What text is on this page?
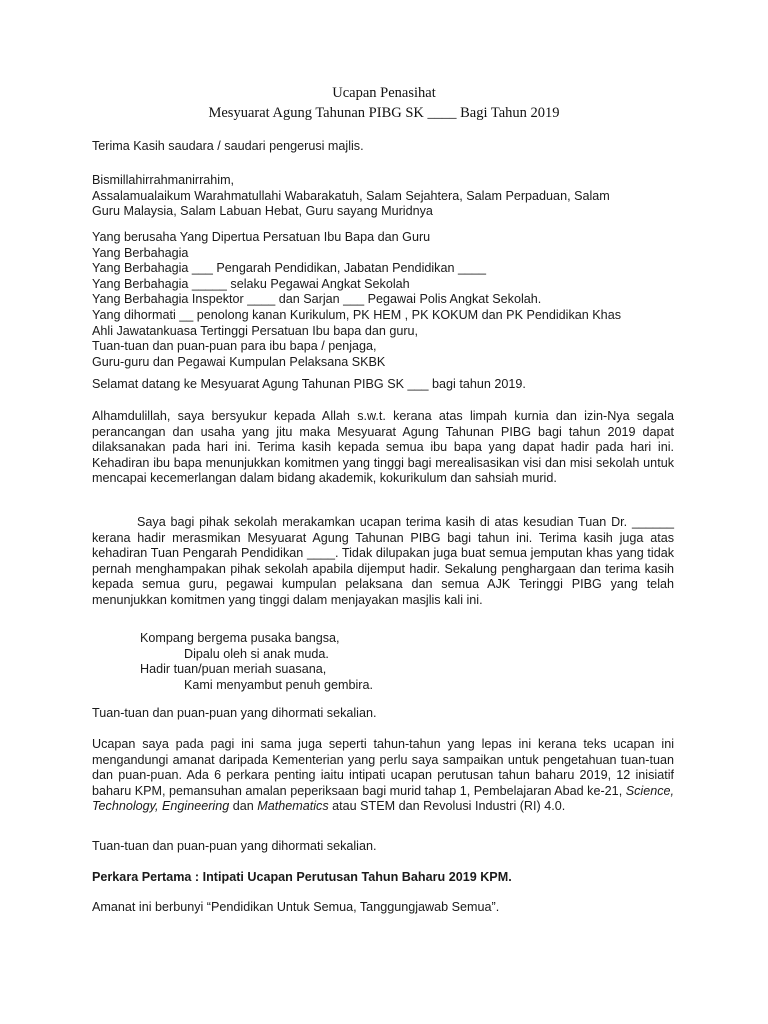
Ucapan Penasihat
Mesyuarat Agung Tahunan PIBG SK ____ Bagi Tahun 2019
Terima Kasih saudara / saudari pengerusi majlis.
Bismillahirrahmanirrahim,
Assalamualaikum Warahmatullahi Wabarakatuh, Salam Sejahtera, Salam Perpaduan, Salam
Guru Malaysia, Salam Labuan Hebat, Guru sayang Muridnya
Yang berusaha Yang Dipertua Persatuan Ibu Bapa dan Guru
Yang Berbahagia
Yang Berbahagia ___ Pengarah Pendidikan, Jabatan Pendidikan ____
Yang Berbahagia _____ selaku Pegawai Angkat Sekolah
Yang Berbahagia Inspektor ____ dan Sarjan ___ Pegawai Polis Angkat Sekolah.
Yang dihormati __ penolong kanan Kurikulum, PK HEM , PK KOKUM dan PK Pendidikan Khas
Ahli Jawatankuasa Tertinggi Persatuan Ibu bapa dan guru,
Tuan-tuan dan puan-puan para ibu bapa / penjaga,
Guru-guru dan Pegawai Kumpulan Pelaksana SKBK
Selamat datang ke Mesyuarat Agung Tahunan PIBG SK ___ bagi tahun 2019.
Alhamdulillah, saya bersyukur kepada Allah s.w.t. kerana atas limpah kurnia dan izin-Nya segala perancangan dan usaha yang jitu maka Mesyuarat Agung Tahunan PIBG bagi tahun 2019 dapat dilaksanakan pada hari ini. Terima kasih kepada semua ibu bapa yang dapat hadir pada hari ini. Kehadiran ibu bapa menunjukkan komitmen yang tinggi bagi merealisasikan visi dan misi sekolah untuk mencapai kecemerlangan dalam bidang akademik, kokurikulum dan sahsiah murid.
Saya bagi pihak sekolah merakamkan ucapan terima kasih di atas kesudian Tuan Dr. ______ kerana hadir merasmikan Mesyuarat Agung Tahunan PIBG bagi tahun ini. Terima kasih juga atas kehadiran Tuan Pengarah Pendidikan ____. Tidak dilupakan juga buat semua jemputan khas yang tidak pernah menghampakan pihak sekolah apabila dijemput hadir. Sekalung penghargaan dan terima kasih kepada semua guru, pegawai kumpulan pelaksana dan semua AJK Teringgi PIBG yang telah menunjukkan komitmen yang tinggi dalam menjayakan masjlis kali ini.
Kompang bergema pusaka bangsa,
Dipalu oleh si anak muda.
Hadir tuan/puan meriah suasana,
Kami menyambut penuh gembira.
Tuan-tuan dan puan-puan yang dihormati sekalian.
Ucapan saya pada pagi ini sama juga seperti tahun-tahun yang lepas ini kerana teks ucapan ini mengandungi amanat daripada Kementerian yang perlu saya sampaikan untuk pengetahuan tuan-tuan dan puan-puan. Ada 6 perkara penting iaitu intipati ucapan perutusan tahun baharu 2019, 12 inisiatif baharu KPM, pemansuhan amalan peperiksaan bagi murid tahap 1, Pembelajaran Abad ke-21, Science, Technology, Engineering dan Mathematics atau STEM dan Revolusi Industri (RI) 4.0.
Tuan-tuan dan puan-puan yang dihormati sekalian.
Perkara Pertama : Intipati Ucapan Perutusan Tahun Baharu 2019 KPM.
Amanat ini berbunyi “Pendidikan Untuk Semua, Tanggungjawab Semua”.
